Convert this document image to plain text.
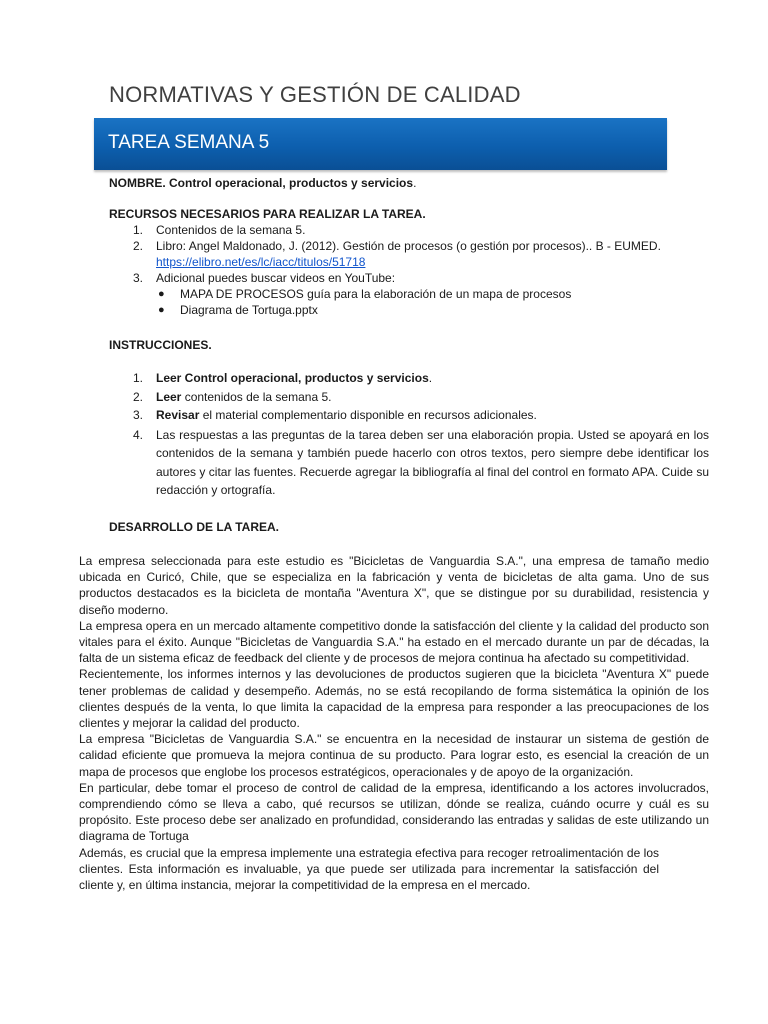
NORMATIVAS Y GESTIÓN DE CALIDAD
TAREA SEMANA 5
NOMBRE. Control operacional, productos y servicios.
RECURSOS NECESARIOS PARA REALIZAR LA TAREA.
1. Contenidos de la semana 5.
2. Libro: Angel Maldonado, J. (2012). Gestión de procesos (o gestión por procesos).. B - EUMED.
https://elibro.net/es/lc/iacc/titulos/51718
3. Adicional puedes buscar videos en YouTube:
● MAPA DE PROCESOS guía para la elaboración de un mapa de procesos
● Diagrama de Tortuga.pptx
INSTRUCCIONES.
1. Leer Control operacional, productos y servicios.
2. Leer contenidos de la semana 5.
3. Revisar el material complementario disponible en recursos adicionales.
4. Las respuestas a las preguntas de la tarea deben ser una elaboración propia. Usted se apoyará en los contenidos de la semana y también puede hacerlo con otros textos, pero siempre debe identificar los autores y citar las fuentes. Recuerde agregar la bibliografía al final del control en formato APA. Cuide su redacción y ortografía.
DESARROLLO DE LA TAREA.

La empresa seleccionada para este estudio es "Bicicletas de Vanguardia S.A.", una empresa de tamaño medio ubicada en Curicó, Chile, que se especializa en la fabricación y venta de bicicletas de alta gama. Uno de sus productos destacados es la bicicleta de montaña "Aventura X", que se distingue por su durabilidad, resistencia y diseño moderno.

La empresa opera en un mercado altamente competitivo donde la satisfacción del cliente y la calidad del producto son vitales para el éxito. Aunque "Bicicletas de Vanguardia S.A." ha estado en el mercado durante un par de décadas, la falta de un sistema eficaz de feedback del cliente y de procesos de mejora continua ha afectado su competitividad.

Recientemente, los informes internos y las devoluciones de productos sugieren que la bicicleta "Aventura X" puede tener problemas de calidad y desempeño. Además, no se está recopilando de forma sistemática la opinión de los clientes después de la venta, lo que limita la capacidad de la empresa para responder a las preocupaciones de los clientes y mejorar la calidad del producto.

La empresa "Bicicletas de Vanguardia S.A." se encuentra en la necesidad de instaurar un sistema de gestión de calidad eficiente que promueva la mejora continua de su producto. Para lograr esto, es esencial la creación de un mapa de procesos que englobe los procesos estratégicos, operacionales y de apoyo de la organización.

En particular, debe tomar el proceso de control de calidad de la empresa, identificando a los actores involucrados, comprendiendo cómo se lleva a cabo, qué recursos se utilizan, dónde se realiza, cuándo ocurre y cuál es su propósito. Este proceso debe ser analizado en profundidad, considerando las entradas y salidas de este utilizando un diagrama de Tortuga

Además, es crucial que la empresa implemente una estrategia efectiva para recoger retroalimentación de los clientes. Esta información es invaluable, ya que puede ser utilizada para incrementar la satisfacción del cliente y, en última instancia, mejorar la competitividad de la empresa en el mercado.
